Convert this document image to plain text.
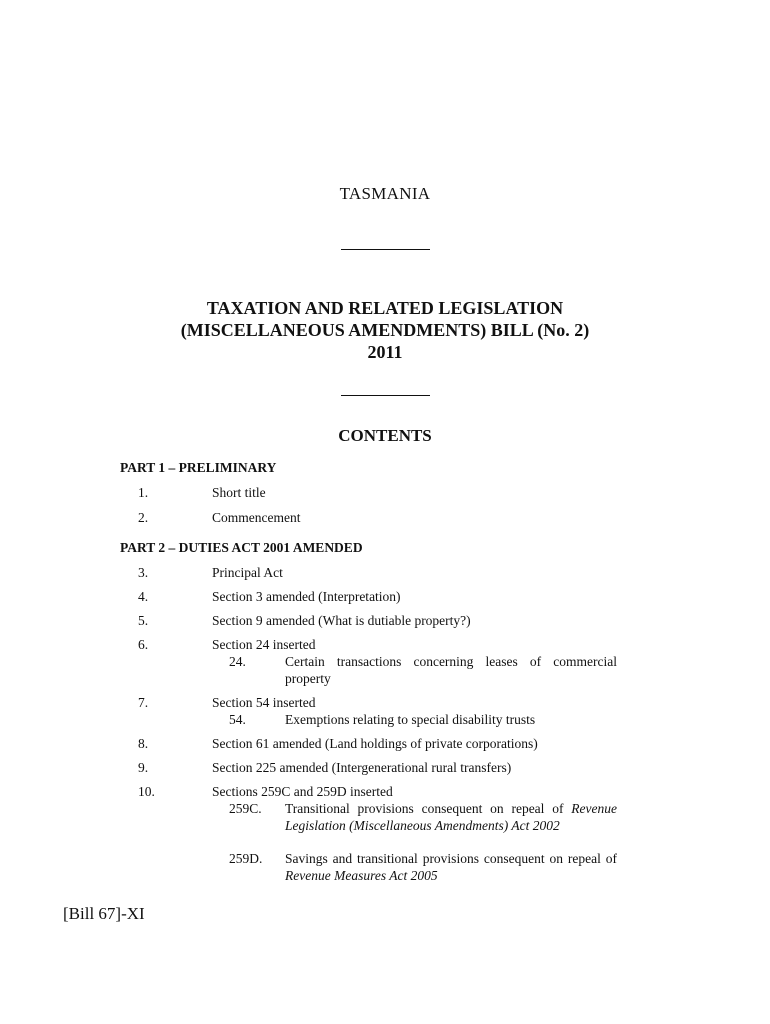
TASMANIA
TAXATION AND RELATED LEGISLATION
(MISCELLANEOUS AMENDMENTS) BILL (No. 2)
2011
CONTENTS
PART 1 – PRELIMINARY
1.	Short title
2.	Commencement
PART 2 – DUTIES ACT 2001 AMENDED
3.	Principal Act
4.	Section 3 amended (Interpretation)
5.	Section 9 amended (What is dutiable property?)
6.	Section 24 inserted
24.	Certain transactions concerning leases of commercial property
7.	Section 54 inserted
54.	Exemptions relating to special disability trusts
8.	Section 61 amended (Land holdings of private corporations)
9.	Section 225 amended (Intergenerational rural transfers)
10.	Sections 259C and 259D inserted
259C. Transitional provisions consequent on repeal of Revenue Legislation (Miscellaneous Amendments) Act 2002
259D. Savings and transitional provisions consequent on repeal of Revenue Measures Act 2005
[Bill 67]-XI
